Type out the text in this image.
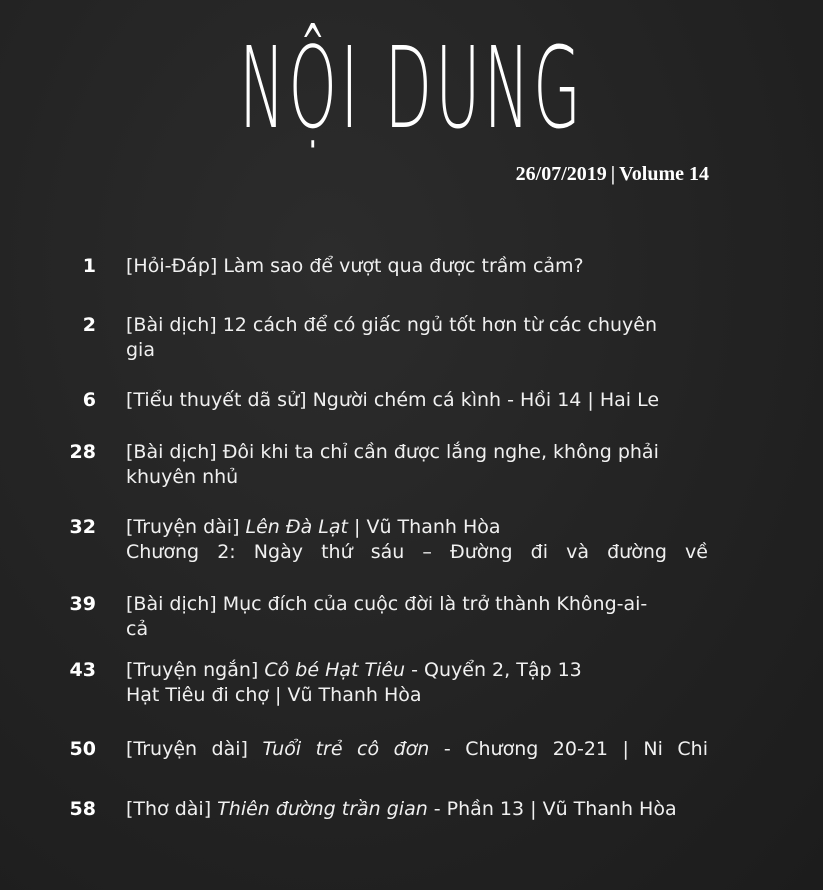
NỘI DUNG
26/07/2019 | Volume 14
1 [Hỏi-Đáp] Làm sao để vượt qua được trầm cảm?
2 [Bài dịch] 12 cách để có giấc ngủ tốt hơn từ các chuyên
gia
6 [Tiểu thuyết dã sử] Người chém cá kình - Hồi 14 | Hai Le
28 [Bài dịch] Đôi khi ta chỉ cần được lắng nghe, không phải
khuyên nhủ
32 [Truyện dài] Lên Đà Lạt | Vũ Thanh Hòa
Chương 2: Ngày thứ sáu – Đường đi và đường về
39 [Bài dịch] Mục đích của cuộc đời là trở thành Không-ai-
cả
43 [Truyện ngắn] Cô bé Hạt Tiêu - Quyển 2, Tập 13
Hạt Tiêu đi chợ | Vũ Thanh Hòa
50 [Truyện dài] Tuổi trẻ cô đơn - Chương 20-21 | Ni Chi
58 [Thơ dài] Thiên đường trần gian - Phần 13 | Vũ Thanh Hòa
